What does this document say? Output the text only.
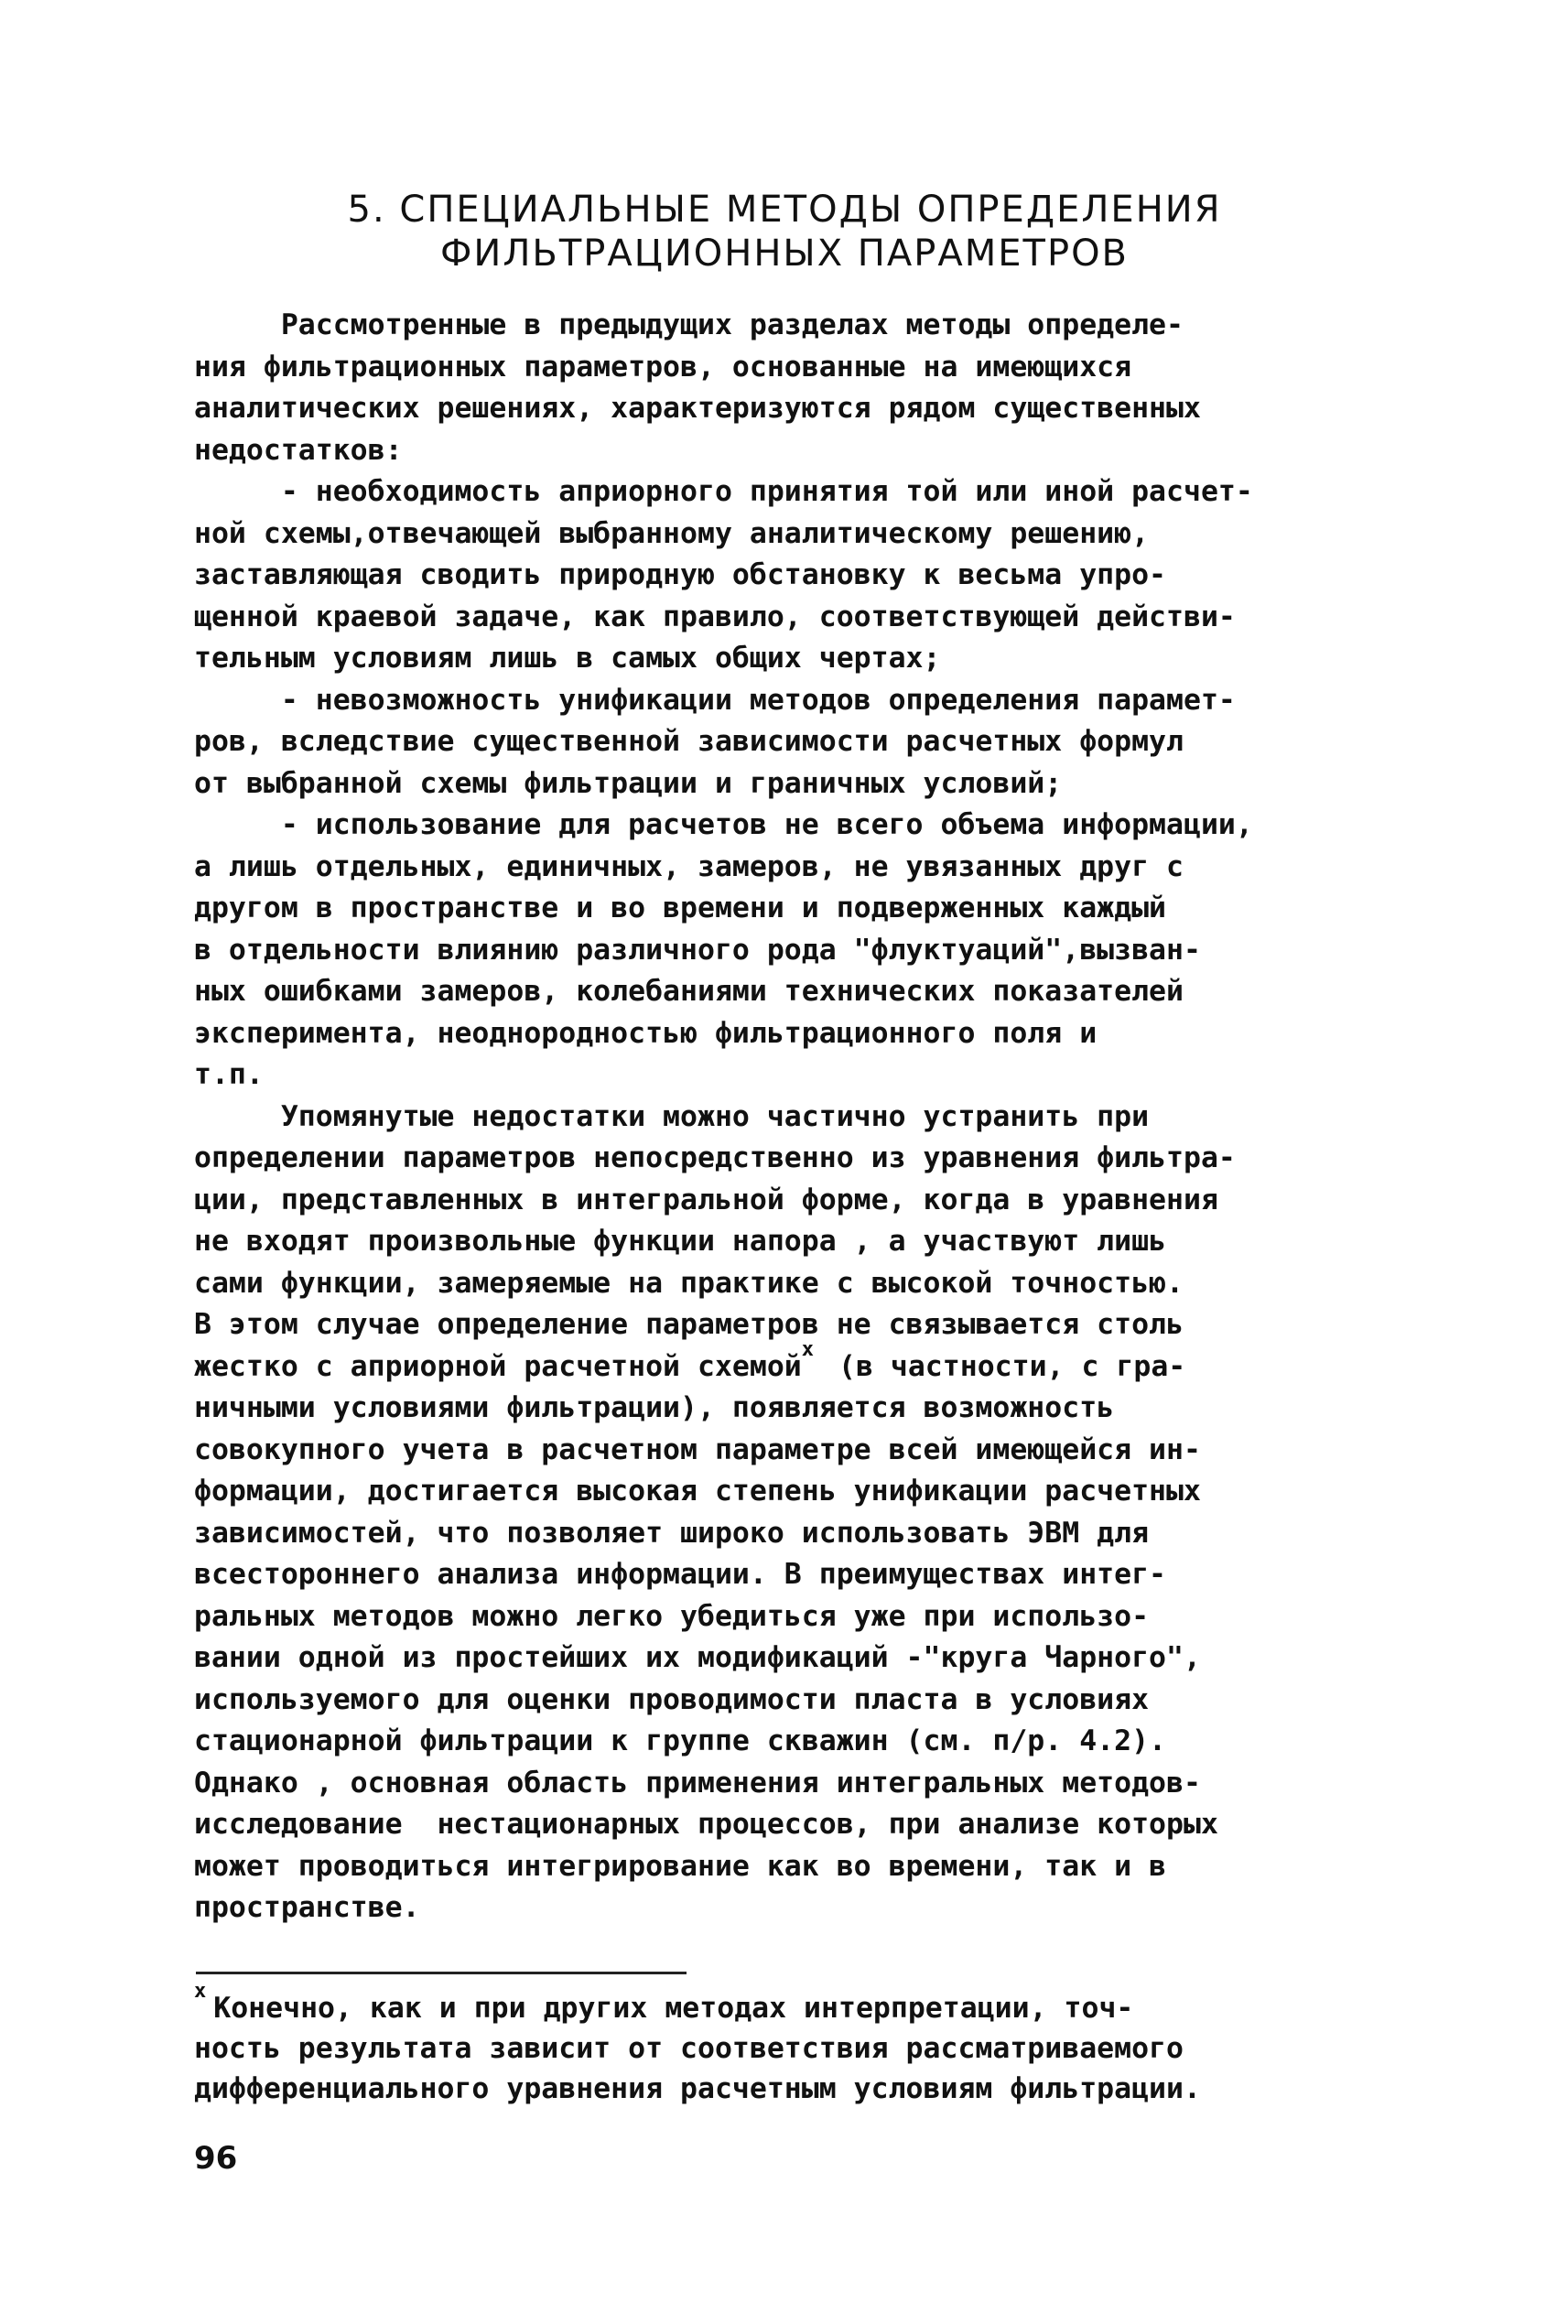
5. СПЕЦИАЛЬНЫЕ МЕТОДЫ ОПРЕДЕЛЕНИЯ
ФИЛЬТРАЦИОННЫХ ПАРАМЕТРОВ
Рассмотренные в предыдущих разделах методы определе-
ния фильтрационных параметров, основанные на имеющихся
аналитических решениях, характеризуются рядом существенных
недостатков:
- необходимость априорного принятия той или иной расчет-
ной схемы,отвечающей выбранному аналитическому решению,
заставляющая сводить природную обстановку к весьма упро-
щенной краевой задаче, как правило, соответствующей действи-
тельным условиям лишь в самых общих чертах;
- невозможность унификации методов определения парамет-
ров, вследствие существенной зависимости расчетных формул
от выбранной схемы фильтрации и граничных условий;
- использование для расчетов не всего объема информации,
а лишь отдельных, единичных, замеров, не увязанных друг с
другом в пространстве и во времени и подверженных каждый
в отдельности влиянию различного рода "флуктуаций",вызван-
ных ошибками замеров, колебаниями технических показателей
эксперимента, неоднородностью фильтрационного поля и
т.п.
Упомянутые недостатки можно частично устранить при
определении параметров непосредственно из уравнения фильтра-
ции, представленных в интегральной форме, когда в уравнения
не входят произвольные функции напора , а участвуют лишь
сами функции, замеряемые на практике с высокой точностью.
В этом случае определение параметров не связывается столь
жестко с априорной расчетной схемой$^x$ (в частности, с гра-
ничными условиями фильтрации), появляется возможность
совокупного учета в расчетном параметре всей имеющейся ин-
формации, достигается высокая степень унификации расчетных
зависимостей, что позволяет широко использовать ЭВМ для
всестороннего анализа информации. В преимуществах интег-
ральных методов можно легко убедиться уже при использо-
вании одной из простейших их модификаций -"круга Чарного",
используемого для оценки проводимости пласта в условиях
стационарной фильтрации к группе скважин (см. п/р. 4.2).
Однако , основная область применения интегральных методов-
исследование  нестационарных процессов, при анализе которых
может проводиться интегрирование как во времени, так и в
пространстве.
$^x$Конечно, как и при других методах интерпретации, точ-
ность результата зависит от соответствия рассматриваемого
дифференциального уравнения расчетным условиям фильтрации.
96
